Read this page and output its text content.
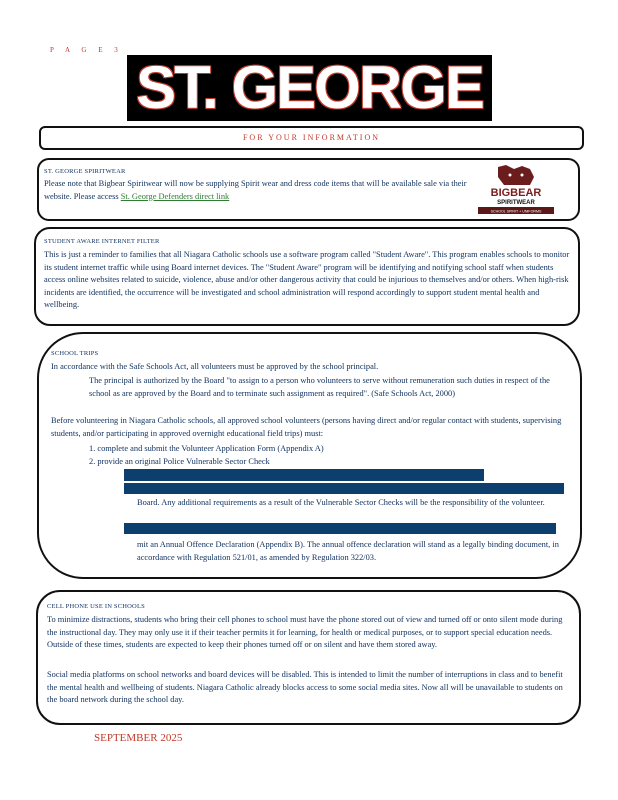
P A G E 3
ST. GEORGE
FOR YOUR INFORMATION
ST. GEORGE SPIRITWEAR
Please note that Bigbear Spiritwear will now be supplying Spirit wear and dress code items that will be available sale via their website. Please access St. George Defenders direct link	BIGBEAR
SPIRITWEAR
SCHOOL SPIRIT + UNIFORMS
STUDENT AWARE INTERNET FILTER
This is just a reminder to families that all Niagara Catholic schools use a software program called "Student Aware". This program enables schools to monitor its student internet traffic while using Board internet devices. The "Student Aware" program will be identifying and notifying school staff when students access online websites related to suicide, violence, abuse and/or other dangerous activity that could be injurious to themselves and/or others. When high-risk incidents are identified, the occurrence will be investigated and school administration will respond accordingly to support student mental health and wellbeing.
SCHOOL TRIPS
In accordance with the Safe Schools Act, all volunteers must be approved by the school principal.
The principal is authorized by the Board "to assign to a person who volunteers to serve without remuneration such duties in respect of the school as are approved by the Board and to terminate such assignment as required". (Safe Schools Act, 2000)
Before volunteering in Niagara Catholic schools, all approved school volunteers (persons having direct and/or regular contact with students, supervising students, and/or participating in approved overnight educational field trips) must:
1. complete and submit the Volunteer Application Form (Appendix A)
2. provide an original Police Vulnerable Sector Check
Board. Any additional requirements as a result of the Vulnerable Sector Checks will be the responsibility of the volunteer.
mit an Annual Offence Declaration (Appendix B). The annual offence declaration will stand as a legally binding document, in accordance with Regulation 521/01, as amended by Regulation 322/03.
CELL PHONE USE IN SCHOOLS
To minimize distractions, students who bring their cell phones to school must have the phone stored out of view and turned off or onto silent mode during the instructional day. They may only use it if their teacher permits it for learning, for health or medical purposes, or to support special education needs. Outside of these times, students are expected to keep their phones turned off or on silent and have them stored away.
Social media platforms on school networks and board devices will be disabled. This is intended to limit the number of interruptions in class and to benefit the mental health and wellbeing of students. Niagara Catholic already blocks access to some social media sites. Now all will be unavailable to students on the board network during the school day.
SEPTEMBER 2025
